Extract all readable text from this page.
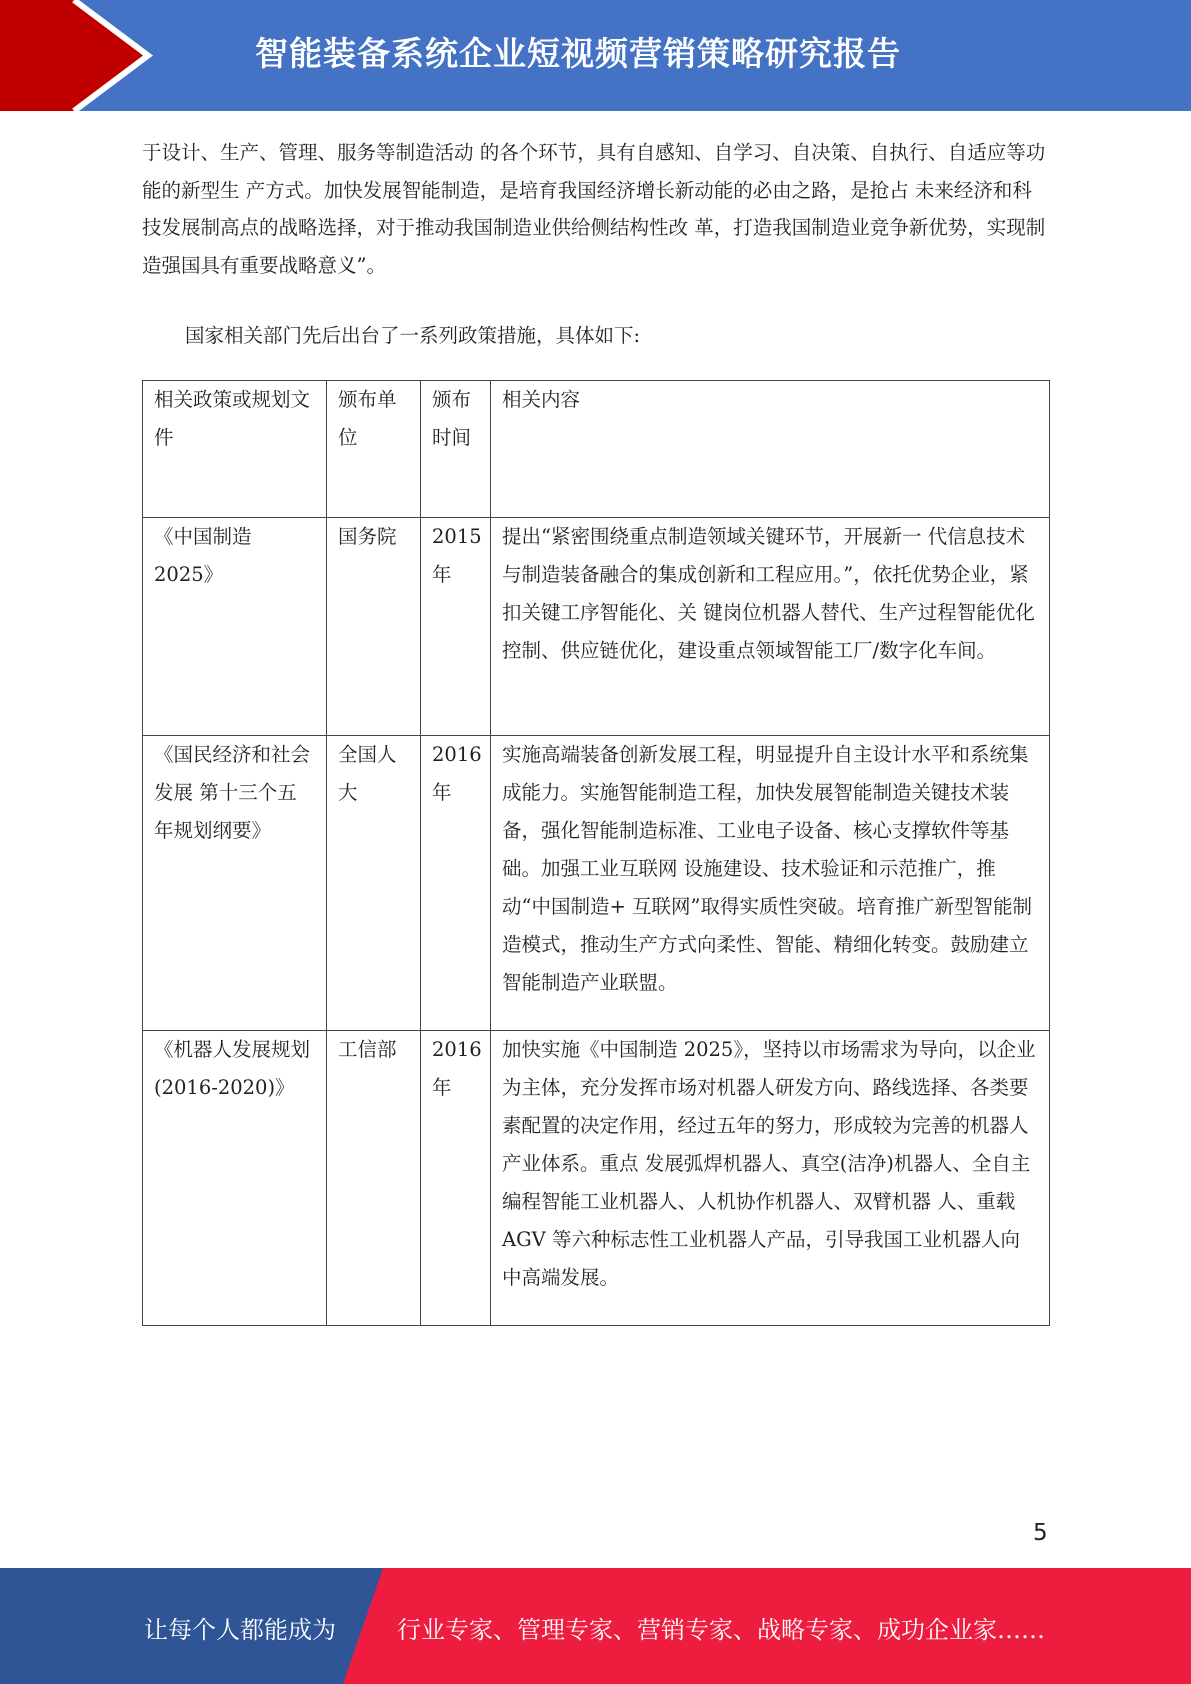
智能装备系统企业短视频营销策略研究报告

于设计、生产、管理、服务等制造活动 的各个环节，具有自感知、自学习、自决策、自执行、自适应等功能的新型生 产方式。加快发展智能制造，是培育我国经济增长新动能的必由之路，是抢占 未来经济和科技发展制高点的战略选择，对于推动我国制造业供给侧结构性改 革，打造我国制造业竞争新优势，实现制造强国具有重要战略意义”。

国家相关部门先后出台了一系列政策措施，具体如下:

相关政策或规划文件	颁布单位	颁布时间	相关内容
《中国制造 2025》	国务院	2015 年	提出“紧密围绕重点制造领域关键环节，开展新一 代信息技术与制造装备融合的集成创新和工程应用。”，依托优势企业，紧扣关键工序智能化、关 键岗位机器人替代、生产过程智能优化控制、供应链优化，建设重点领域智能工厂/数字化车间。
《国民经济和社会发展 第十三个五年规划纲要》	全国人大	2016 年	实施高端装备创新发展工程，明显提升自主设计水平和系统集成能力。实施智能制造工程，加快发展智能制造关键技术装备，强化智能制造标准、工业电子设备、核心支撑软件等基础。加强工业互联网 设施建设、技术验证和示范推广，推动“中国制造+ 互联网”取得实质性突破。培育推广新型智能制造模式，推动生产方式向柔性、智能、精细化转变。鼓励建立智能制造产业联盟。
《机器人发展规划(2016-2020)》	工信部	2016 年	加快实施《中国制造 2025》，坚持以市场需求为导向，以企业为主体，充分发挥市场对机器人研发方向、路线选择、各类要素配置的决定作用，经过五年的努力，形成较为完善的机器人产业体系。重点 发展弧焊机器人、真空(洁净)机器人、全自主编程智能工业机器人、人机协作机器人、双臂机器 人、重载 AGV 等六种标志性工业机器人产品，引导我国工业机器人向中高端发展。
5
让每个人都能成为	行业专家、管理专家、营销专家、战略专家、成功企业家……
